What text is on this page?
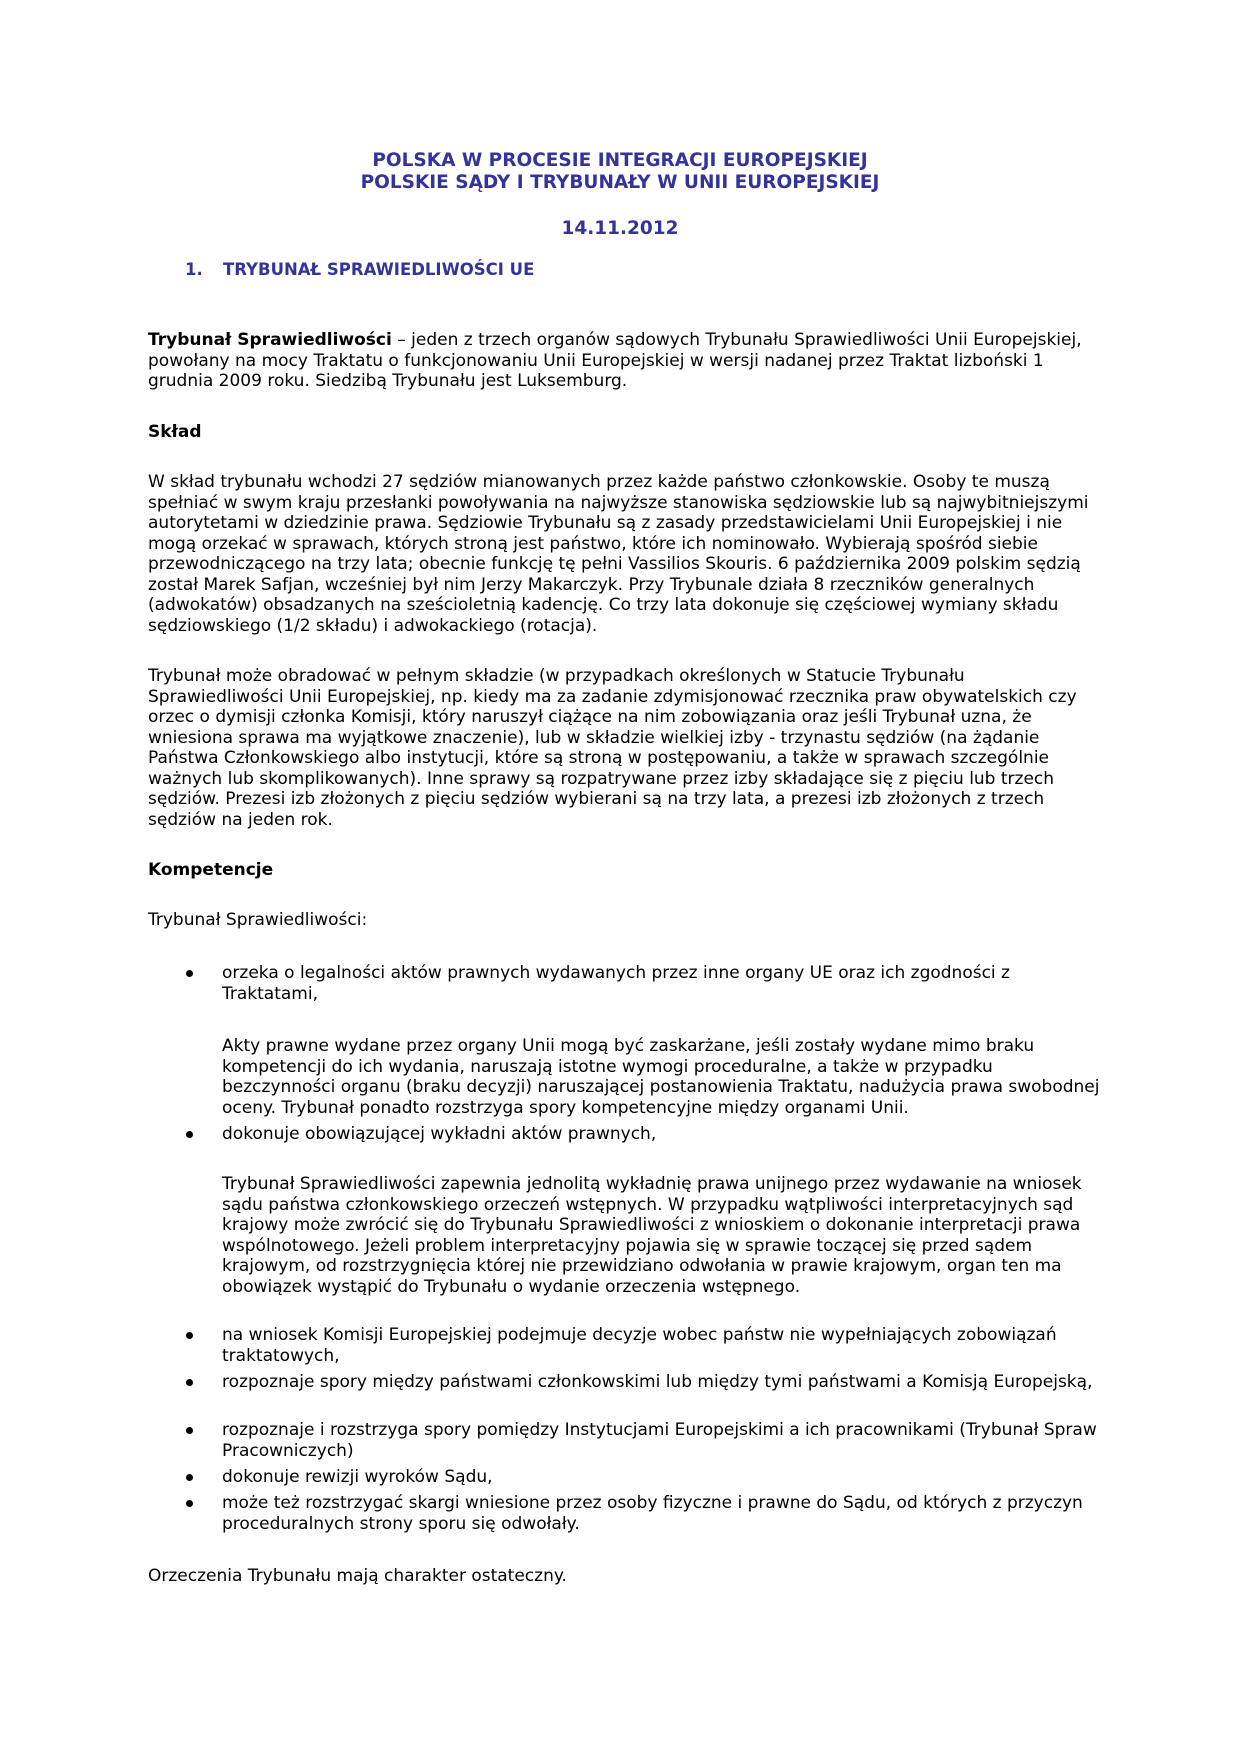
POLSKA W PROCESIE INTEGRACJI EUROPEJSKIEJ
POLSKIE SĄDY I TRYBUNAŁY W UNII EUROPEJSKIEJ
14.11.2012
1. TRYBUNAŁ SPRAWIEDLIWOŚCI UE

Trybunał Sprawiedliwości – jeden z trzech organów sądowych Trybunału Sprawiedliwości Unii Europejskiej, powołany na mocy Traktatu o funkcjonowaniu Unii Europejskiej w wersji nadanej przez Traktat lizboński 1 grudnia 2009 roku. Siedzibą Trybunału jest Luksemburg.

Skład

W skład trybunału wchodzi 27 sędziów mianowanych przez każde państwo członkowskie. Osoby te muszą spełniać w swym kraju przesłanki powoływania na najwyższe stanowiska sędziowskie lub są najwybitniejszymi autorytetami w dziedzinie prawa. Sędziowie Trybunału są z zasady przedstawicielami Unii Europejskiej i nie mogą orzekać w sprawach, których stroną jest państwo, które ich nominowało. Wybierają spośród siebie przewodniczącego na trzy lata; obecnie funkcję tę pełni Vassilios Skouris. 6 października 2009 polskim sędzią został Marek Safjan, wcześniej był nim Jerzy Makarczyk. Przy Trybunale działa 8 rzeczników generalnych (adwokatów) obsadzanych na sześcioletnią kadencję. Co trzy lata dokonuje się częściowej wymiany składu sędziowskiego (1/2 składu) i adwokackiego (rotacja).

Trybunał może obradować w pełnym składzie (w przypadkach określonych w Statucie Trybunału Sprawiedliwości Unii Europejskiej, np. kiedy ma za zadanie zdymisjonować rzecznika praw obywatelskich czy orzec o dymisji członka Komisji, który naruszył ciążące na nim zobowiązania oraz jeśli Trybunał uzna, że wniesiona sprawa ma wyjątkowe znaczenie), lub w składzie wielkiej izby - trzynastu sędziów (na żądanie Państwa Członkowskiego albo instytucji, które są stroną w postępowaniu, a także w sprawach szczególnie ważnych lub skomplikowanych). Inne sprawy są rozpatrywane przez izby składające się z pięciu lub trzech sędziów. Prezesi izb złożonych z pięciu sędziów wybierani są na trzy lata, a prezesi izb złożonych z trzech sędziów na jeden rok.

Kompetencje

Trybunał Sprawiedliwości:

orzeka o legalności aktów prawnych wydawanych przez inne organy UE oraz ich zgodności z Traktatami,

Akty prawne wydane przez organy Unii mogą być zaskarżane, jeśli zostały wydane mimo braku kompetencji do ich wydania, naruszają istotne wymogi proceduralne, a także w przypadku bezczynności organu (braku decyzji) naruszającej postanowienia Traktatu, nadużycia prawa swobodnej oceny. Trybunał ponadto rozstrzyga spory kompetencyjne między organami Unii.

dokonuje obowiązującej wykładni aktów prawnych,

Trybunał Sprawiedliwości zapewnia jednolitą wykładnię prawa unijnego przez wydawanie na wniosek sądu państwa członkowskiego orzeczeń wstępnych. W przypadku wątpliwości interpretacyjnych sąd krajowy może zwrócić się do Trybunału Sprawiedliwości z wnioskiem o dokonanie interpretacji prawa wspólnotowego. Jeżeli problem interpretacyjny pojawia się w sprawie toczącej się przed sądem krajowym, od rozstrzygnięcia której nie przewidziano odwołania w prawie krajowym, organ ten ma obowiązek wystąpić do Trybunału o wydanie orzeczenia wstępnego.

na wniosek Komisji Europejskiej podejmuje decyzje wobec państw nie wypełniających zobowiązań traktatowych,

rozpoznaje spory między państwami członkowskimi lub między tymi państwami a Komisją Europejską,

rozpoznaje i rozstrzyga spory pomiędzy Instytucjami Europejskimi a ich pracownikami (Trybunał Spraw Pracowniczych)

dokonuje rewizji wyroków Sądu,

może też rozstrzygać skargi wniesione przez osoby fizyczne i prawne do Sądu, od których z przyczyn proceduralnych strony sporu się odwołały.

Orzeczenia Trybunału mają charakter ostateczny.
